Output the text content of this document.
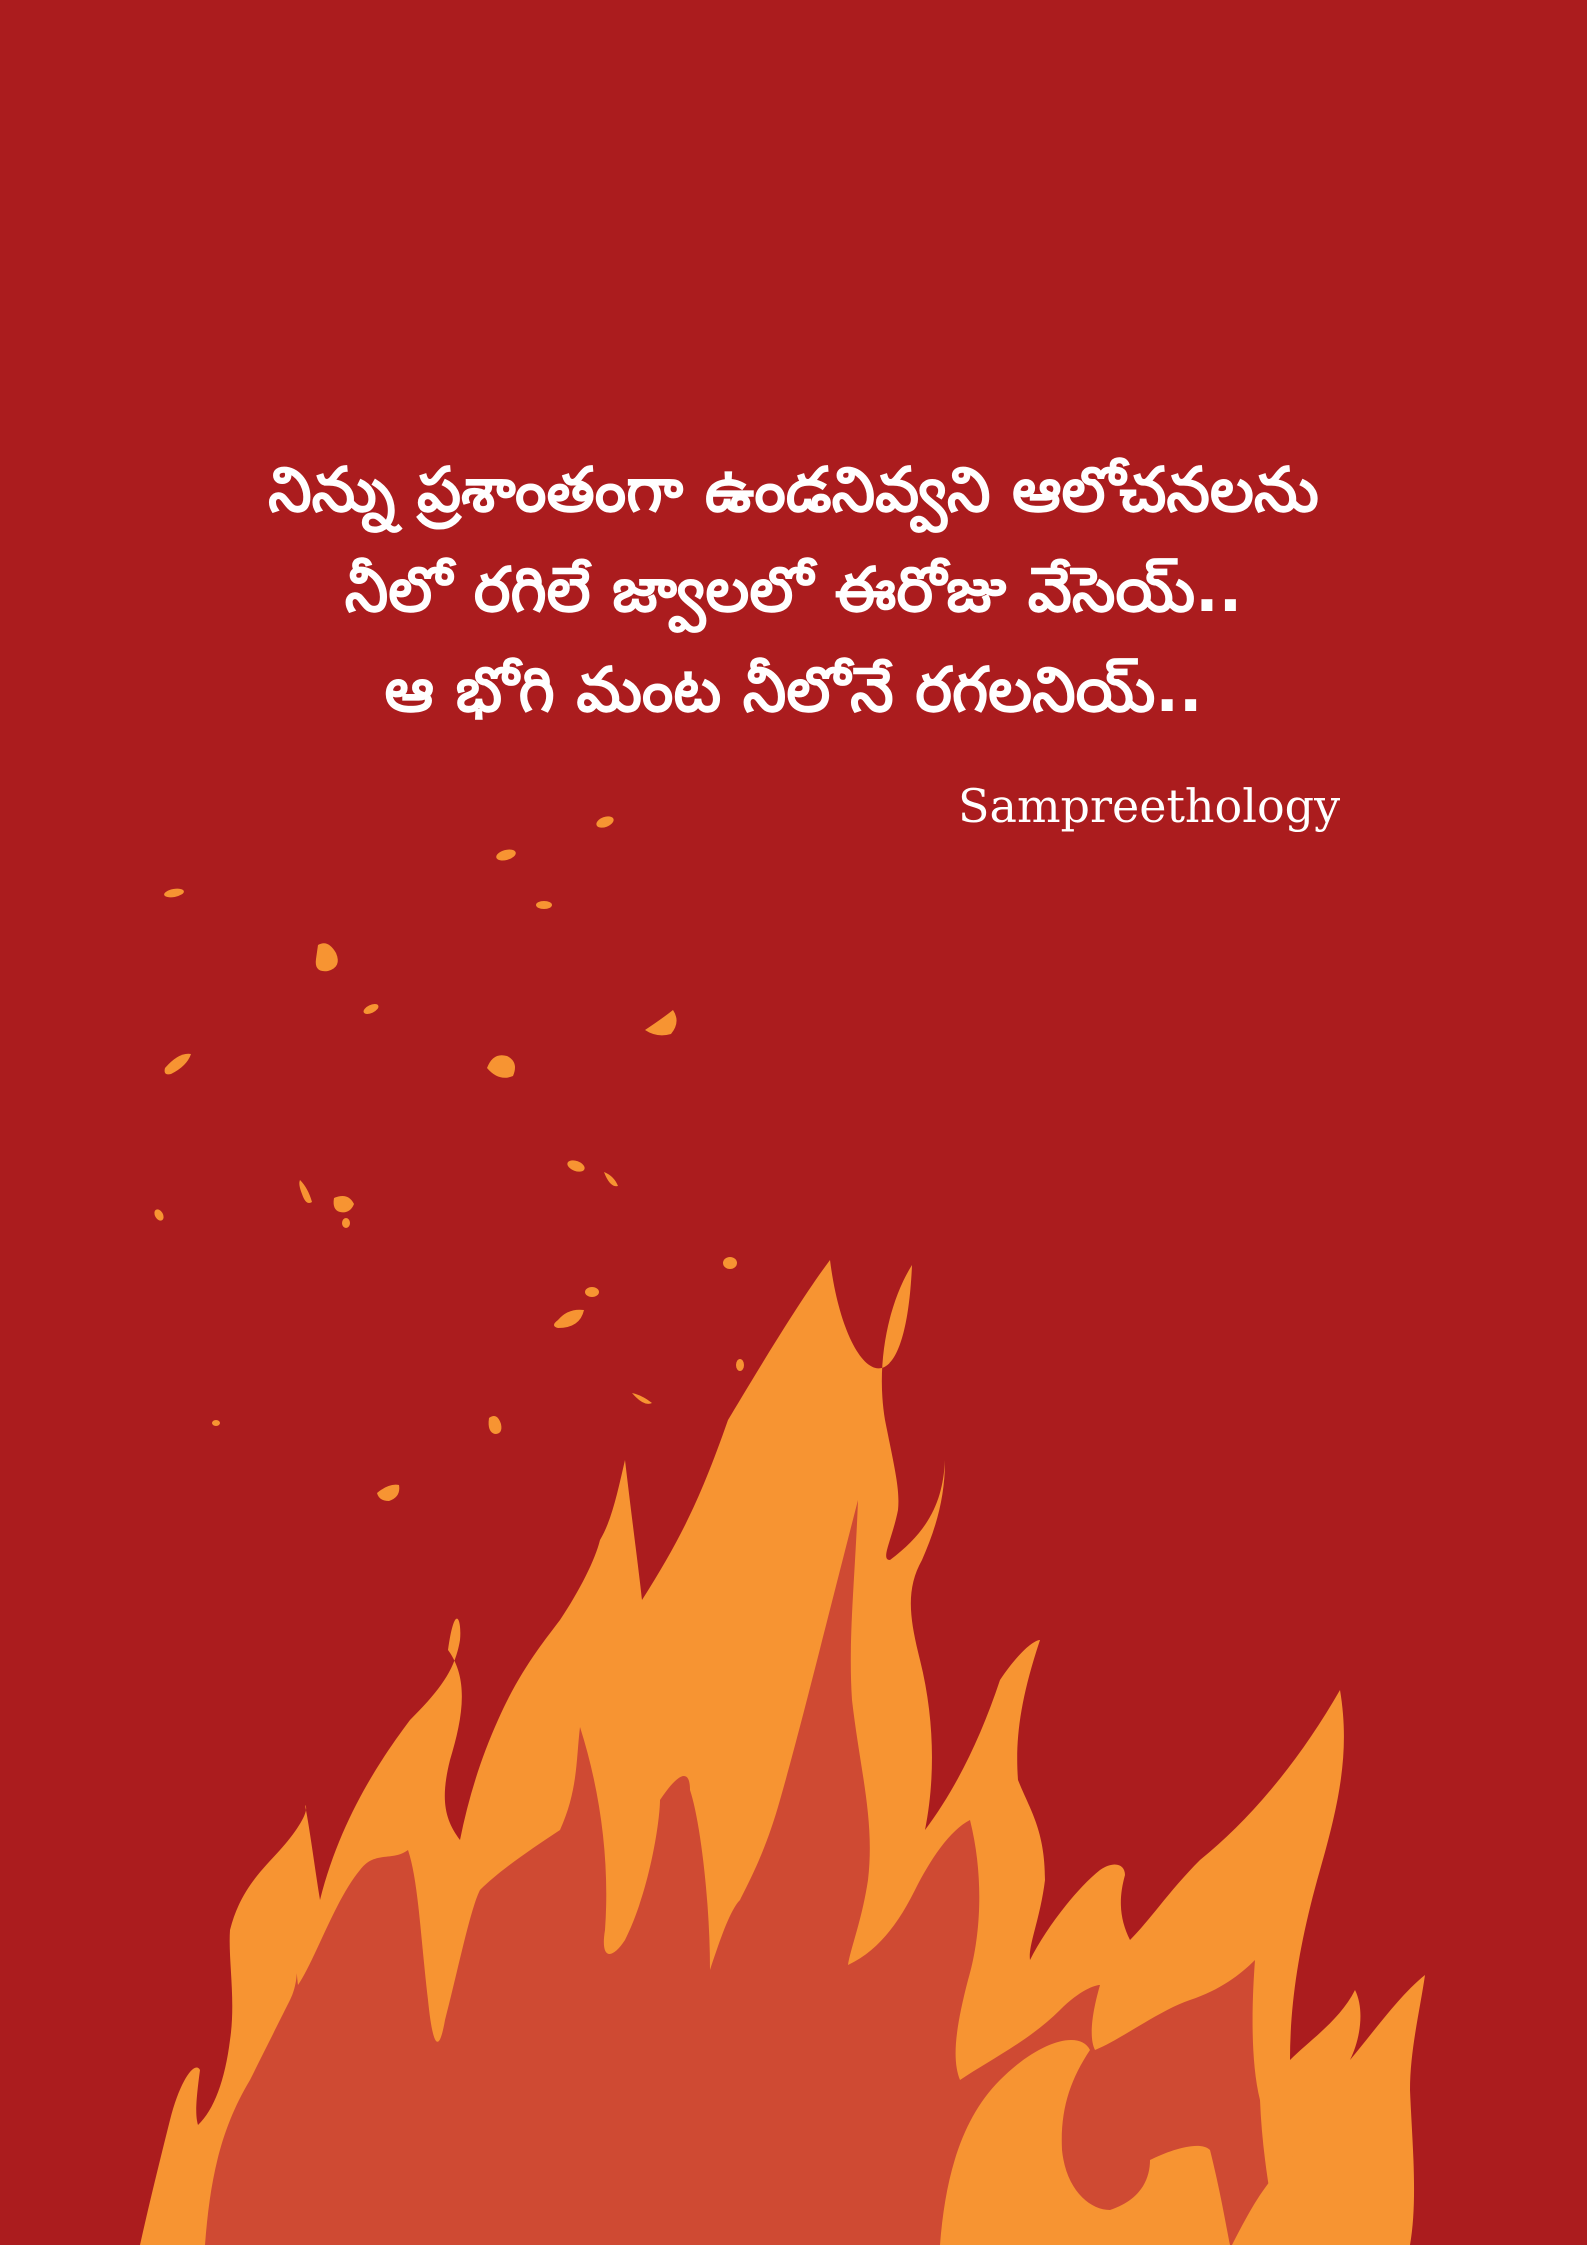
నిన్ను ప్రశాంతంగా ఉండనివ్వని ఆలోచనలను
నీలో రగిలే జ్వాలలో ఈరోజు వేసెయ్..
ఆ భోగి మంట నీలోనే రగలనియ్..
Sampreethology
